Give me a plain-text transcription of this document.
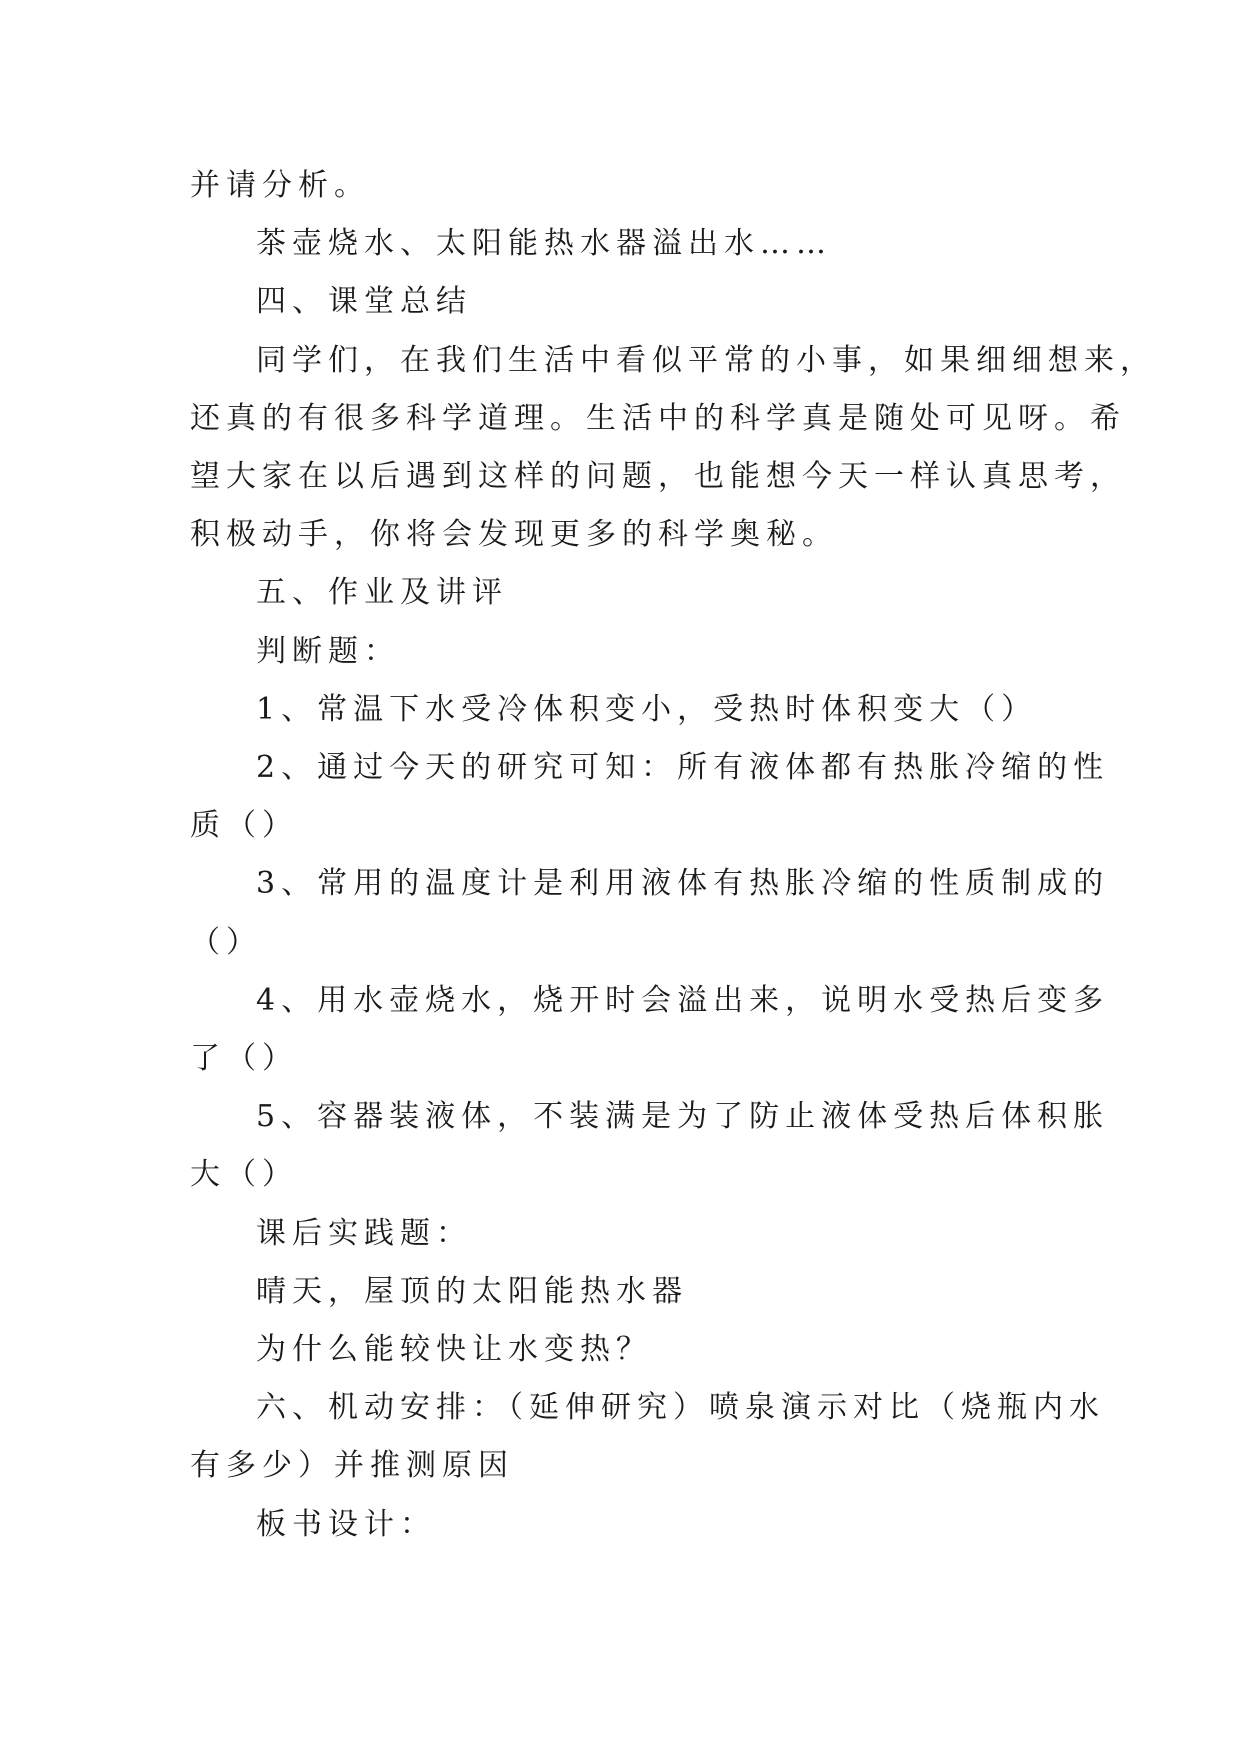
并请分析。
茶壶烧水、太阳能热水器溢出水……
四、课堂总结
同学们，在我们生活中看似平常的小事，如果细细想来，
还真的有很多科学道理。生活中的科学真是随处可见呀。希
望大家在以后遇到这样的问题，也能想今天一样认真思考，
积极动手，你将会发现更多的科学奥秘。
五、作业及讲评
判断题：
1、常温下水受冷体积变小，受热时体积变大（）
2、通过今天的研究可知：所有液体都有热胀冷缩的性
质（）
3、常用的温度计是利用液体有热胀冷缩的性质制成的
（）
4、用水壶烧水，烧开时会溢出来，说明水受热后变多
了（）
5、容器装液体，不装满是为了防止液体受热后体积胀
大（）
课后实践题：
晴天，屋顶的太阳能热水器
为什么能较快让水变热？
六、机动安排：（延伸研究）喷泉演示对比（烧瓶内水
有多少）并推测原因
板书设计：
